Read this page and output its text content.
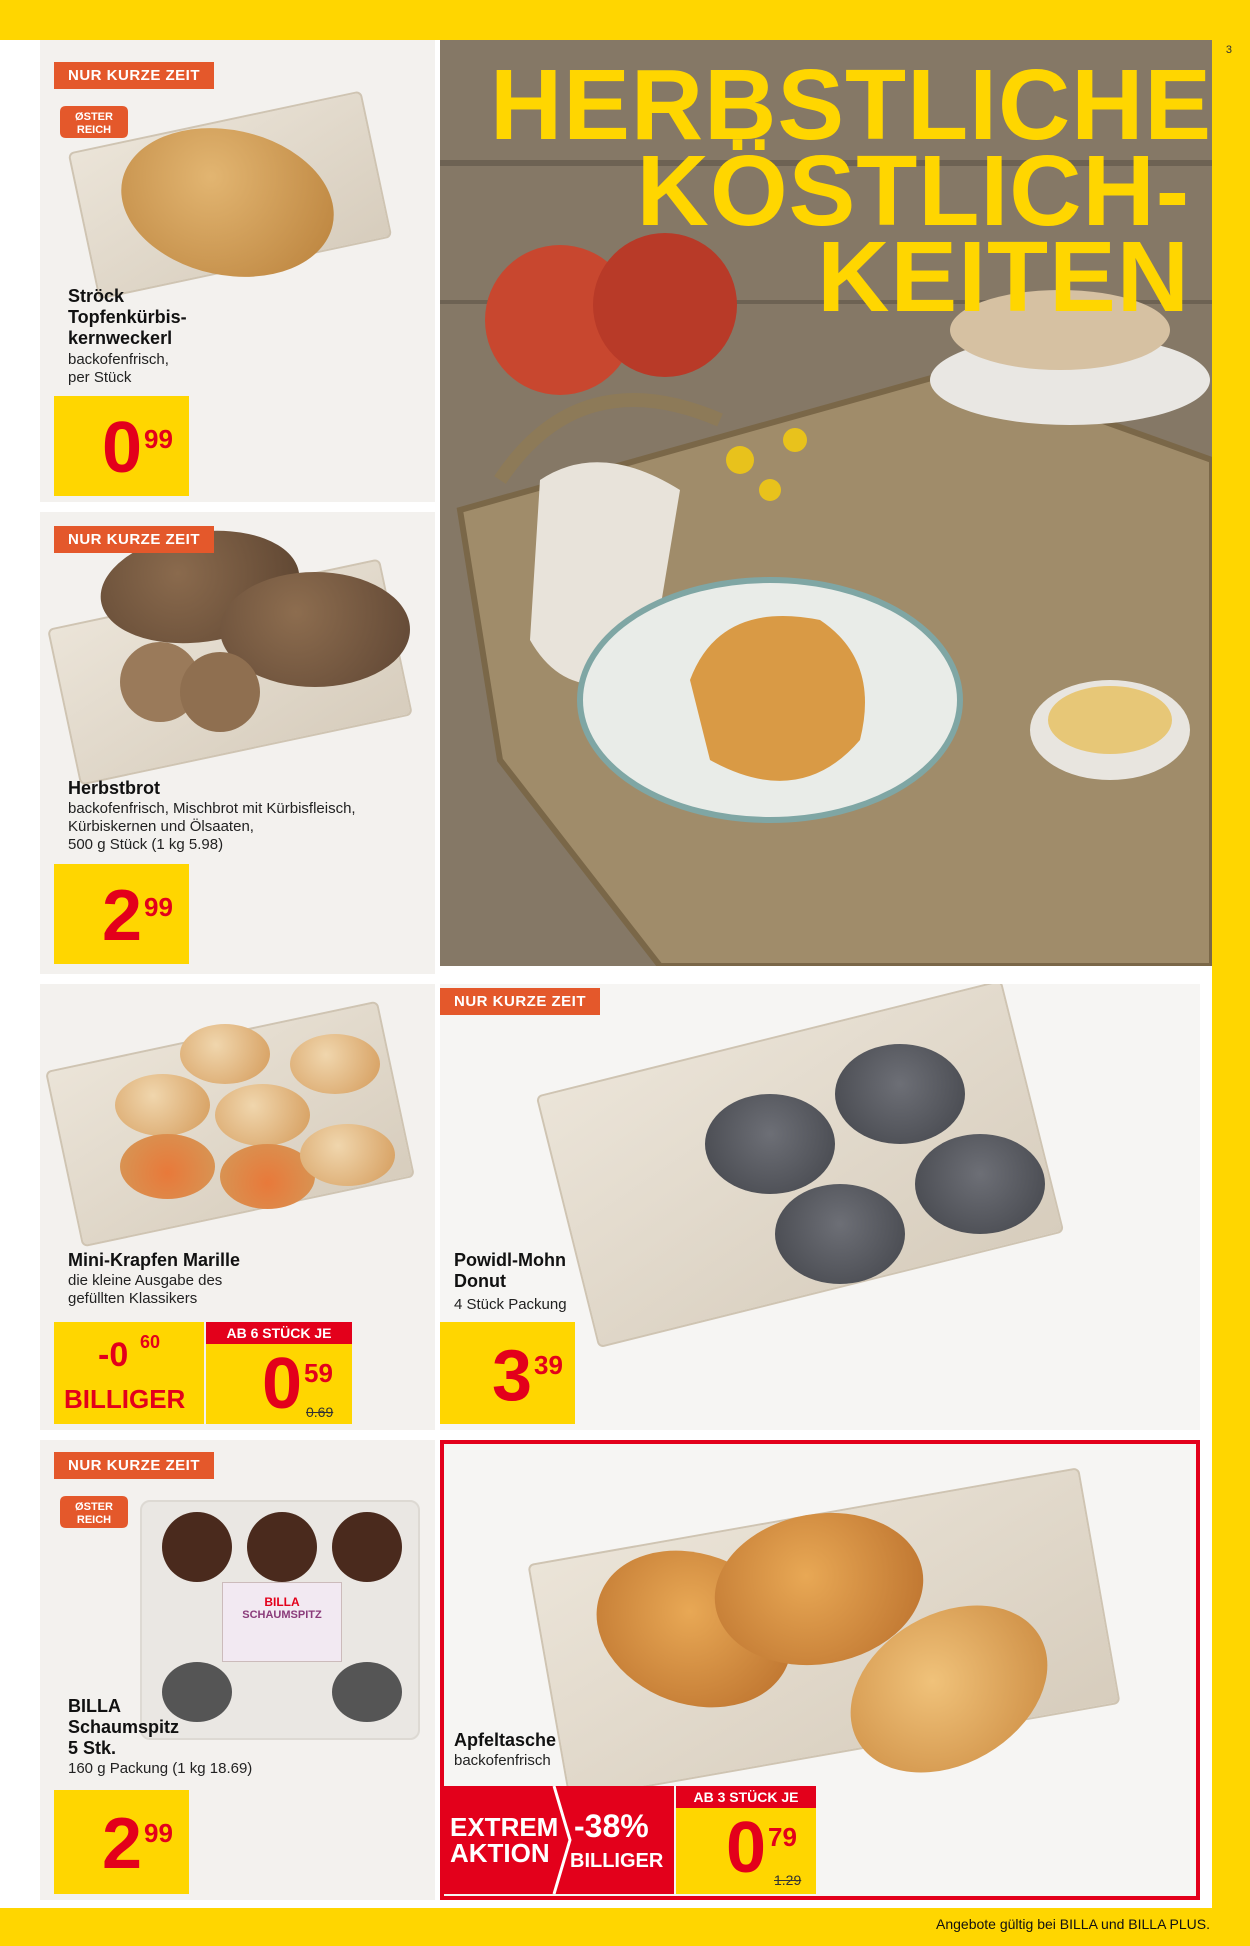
3
HERBSTLICHE
KÖSTLICH-
KEITEN
NUR KURZE ZEIT
ØSTER
REICH
Ströck
Topfenkürbis-
kernweckerl
backofenfrisch,
per Stück
0 99
NUR KURZE ZEIT
Herbstbrot
backofenfrisch, Mischbrot mit Kürbisfleisch,
Kürbiskernen und Ölsaaten,
500 g Stück (1 kg 5.98)
2 99
Mini-Krapfen Marille
die kleine Ausgabe des
gefüllten Klassikers
-0 60
BILLIGER
AB 6 STÜCK JE
0 59
0.69
NUR KURZE ZEIT
Powidl-Mohn
Donut
4 Stück Packung
3 39
BILLA
SCHAUMSPITZ
NUR KURZE ZEIT
ØSTER
REICH
BILLA
Schaumspitz
5 Stk.
160 g Packung (1 kg 18.69)
2 99
Apfeltasche
backofenfrisch
EXTREM
AKTION
-38%
BILLIGER
AB 3 STÜCK JE
0 79
1.29
Angebote gültig bei BILLA und BILLA PLUS.
